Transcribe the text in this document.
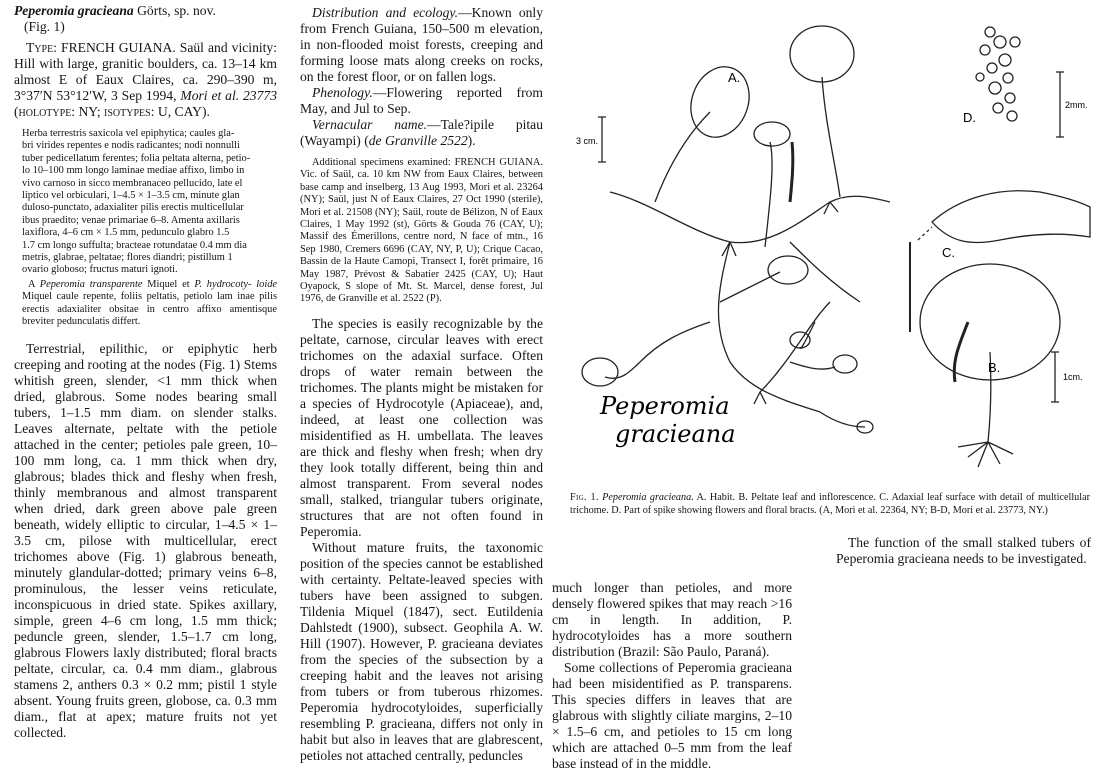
Peperomia gracieana Görts, sp. nov.
(Fig. 1)

Type: FRENCH GUIANA. Saül and vicinity: Hill with large, granitic boulders, ca. 13–14 km almost E of Eaux Claires, ca. 290–390 m, 3°37′N 53°12′W, 3 Sep 1994, Mori et al. 23773 (holotype: NY; isotypes: U, CAY).

Herba terrestris saxicola vel epiphytica; caules gla-
bri virides repentes e nodis radicantes; nodi nonnulli
tuber pedicellatum ferentes; folia peltata alterna, petio-
lo 10–100 mm longo laminae mediae affixo, limbo in
vivo carnoso in sicco membranaceo pellucido, late el
liptico vel orbiculari, 1–4.5 × 1–3.5 cm, minute glan
duloso-punctato, adaxialiter pilis erectis multicellular
ibus praedito; venae primariae 6–8. Amenta axillaris
laxiflora, 4–6 cm × 1.5 mm, pedunculo glabro 1.5
1.7 cm longo suffulta; bracteae rotundatae 0.4 mm dia
metris, glabrae, peltatae; flores diandri; pistillum 1
ovario globoso; fructus maturi ignoti.

A Peperomia transparente Miquel et P. hydrocoty- loide Miquel caule repente, foliis peltatis, petiolo lam inae pilis erectis adaxialiter obsitae in centro affixo amentisque breviter pedunculatis differt.

Terrestrial, epilithic, or epiphytic herb creeping and rooting at the nodes (Fig. 1) Stems whitish green, slender, <1 mm thick when dried, glabrous. Some nodes bearing small tubers, 1–1.5 mm diam. on slender stalks. Leaves alternate, peltate with the petiole attached in the center; petioles pale green, 10–100 mm long, ca. 1 mm thick when dry, glabrous; blades thick and fleshy when fresh, thinly membranous and almost transparent when dried, dark green above pale green beneath, widely elliptic to circular, 1–4.5 × 1–3.5 cm, pilose with multicellular, erect trichomes above (Fig. 1) glabrous beneath, minutely glandular-dotted; primary veins 6–8, prominulous, the lesser veins reticulate, inconspicuous in dried state. Spikes axillary, simple, green 4–6 cm long, 1.5 mm thick; peduncle green, slender, 1.5–1.7 cm long, glabrous Flowers laxly distributed; floral bracts peltate, circular, ca. 0.4 mm diam., glabrous stamens 2, anthers 0.3 × 0.2 mm; pistil 1 style absent. Young fruits green, globose, ca. 0.3 mm diam., flat at apex; mature fruits not yet collected.

Distribution and ecology.—Known only from French Guiana, 150–500 m elevation, in non-flooded moist forests, creeping and forming loose mats along creeks on rocks, on the forest floor, or on fallen logs.

Phenology.—Flowering reported from May, and Jul to Sep.

Vernacular name.—Tale?ipile pitau (Wayampi) (de Granville 2522).

Additional specimens examined: FRENCH GUIANA. Vic. of Saül, ca. 10 km NW from Eaux Claires, between base camp and inselberg, 13 Aug 1993, Mori et al. 23264 (NY); Saül, just N of Eaux Claires, 27 Oct 1990 (sterile), Mori et al. 21508 (NY); Saül, route de Bélizon, N of Eaux Claires, 1 May 1992 (st), Görts & Gouda 76 (CAY, U); Massif des Émerillons, centre nord, N face of mtn., 16 Sep 1980, Cremers 6696 (CAY, NY, P, U); Crique Cacao, Bassin de la Haute Camopi, Transect I, forêt primaire, 16 May 1987, Prévost & Sabatier 2425 (CAY, U); Haut Oyapock, S slope of Mt. St. Marcel, dense forest, Jul 1976, de Granville et al. 2522 (P).

The species is easily recognizable by the peltate, carnose, circular leaves with erect trichomes on the adaxial surface. Often drops of water remain between the trichomes. The plants might be mistaken for a species of Hydrocotyle (Apiaceae), and, indeed, at least one collection was misidentified as H. umbellata. The leaves are thick and fleshy when fresh; when dry they look totally different, being thin and almost transparent. From several nodes small, stalked, triangular tubers originate, structures that are not often found in Peperomia.

Without mature fruits, the taxonomic position of the species cannot be established with certainty. Peltate-leaved species with tubers have been assigned to subgen. Tildenia Miquel (1847), sect. Eutildenia Dahlstedt (1900), subsect. Geophila A. W. Hill (1907). However, P. gracieana deviates from the species of the subsection by a creeping habit and the leaves not arising from tubers or from tuberous rhizomes. Peperomia hydrocotyloides, superficially resembling P. gracieana, differs not only in habit but also in leaves that are glabrescent, petioles not attached centrally, peduncles

A.
B.
C.
D.
3 cm.
1cm.
2mm.
Peperomia
gracieana
Fig. 1. Peperomia gracieana. A. Habit. B. Peltate leaf and inflorescence. C. Adaxial leaf surface with detail of multicellular trichome. D. Part of spike showing flowers and floral bracts. (A, Mori et al. 22364, NY; B-D, Mori et al. 23773, NY.)

much longer than petioles, and more densely flowered spikes that may reach >16 cm in length. In addition, P. hydrocotyloides has a more southern distribution (Brazil: São Paulo, Paraná).

Some collections of Peperomia gracieana had been misidentified as P. transparens. This species differs in leaves that are glabrous with slightly ciliate margins, 2–10 × 1.5–6 cm, and petioles to 15 cm long which are attached 0–5 mm from the leaf base instead of in the middle.

The function of the small stalked tubers of Peperomia gracieana needs to be investigated.
